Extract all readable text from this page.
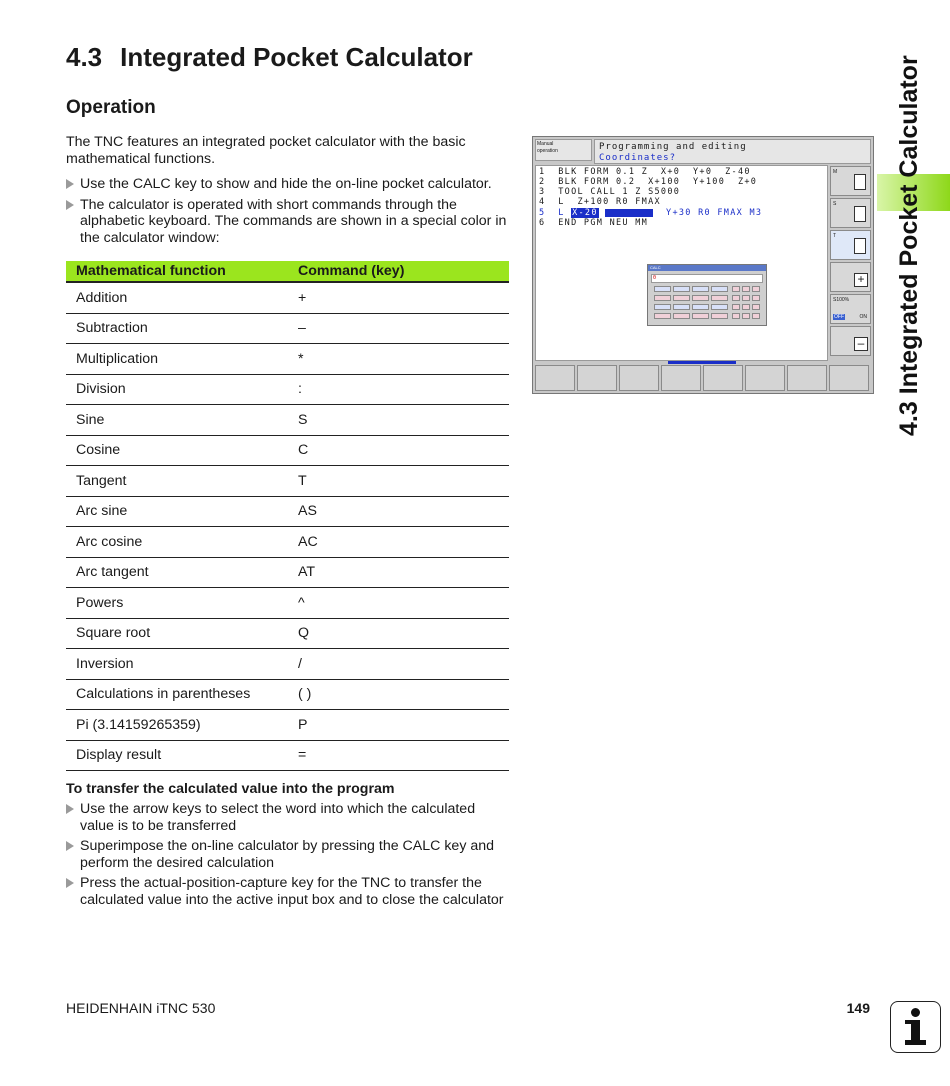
4.3 Integrated Pocket Calculator
Operation

The TNC features an integrated pocket calculator with the basic mathematical functions.

Use the CALC key to show and hide the on-line pocket calculator.
The calculator is operated with short commands through the alphabetic keyboard. The commands are shown in a special color in the calculator window:
Mathematical function	Command (key)
Addition	+
Subtraction	–
Multiplication	*
Division	:
Sine	S
Cosine	C
Tangent	T
Arc sine	AS
Arc cosine	AC
Arc tangent	AT
Powers	^
Square root	Q
Inversion	/
Calculations in parentheses	( )
Pi (3.14159265359)	P
Display result	=
To transfer the calculated value into the program
Use the arrow keys to select the word into which the calculated value is to be transferred
Superimpose the on-line calculator by pressing the CALC key and perform the desired calculation
Press the actual-position-capture key for the TNC to transfer the calculated value into the active input box and to close the calculator
Manual
operation	Programming and editing
Coordinates?
1  BLK FORM 0.1 Z  X+0  Y+0  Z-40
2  BLK FORM 0.2  X+100  Y+100  Z+0
3  TOOL CALL 1 Z S5000
4  L  Z+100 R0 FMAX
5  L X-20	Y+30 R0 FMAX M3
6  END PGM NEU MM
CALC
0
M
S
T
+
S100%
OFF	ON
– 4.3 Integrated Pocket Calculator
HEIDENHAIN iTNC 530	149
